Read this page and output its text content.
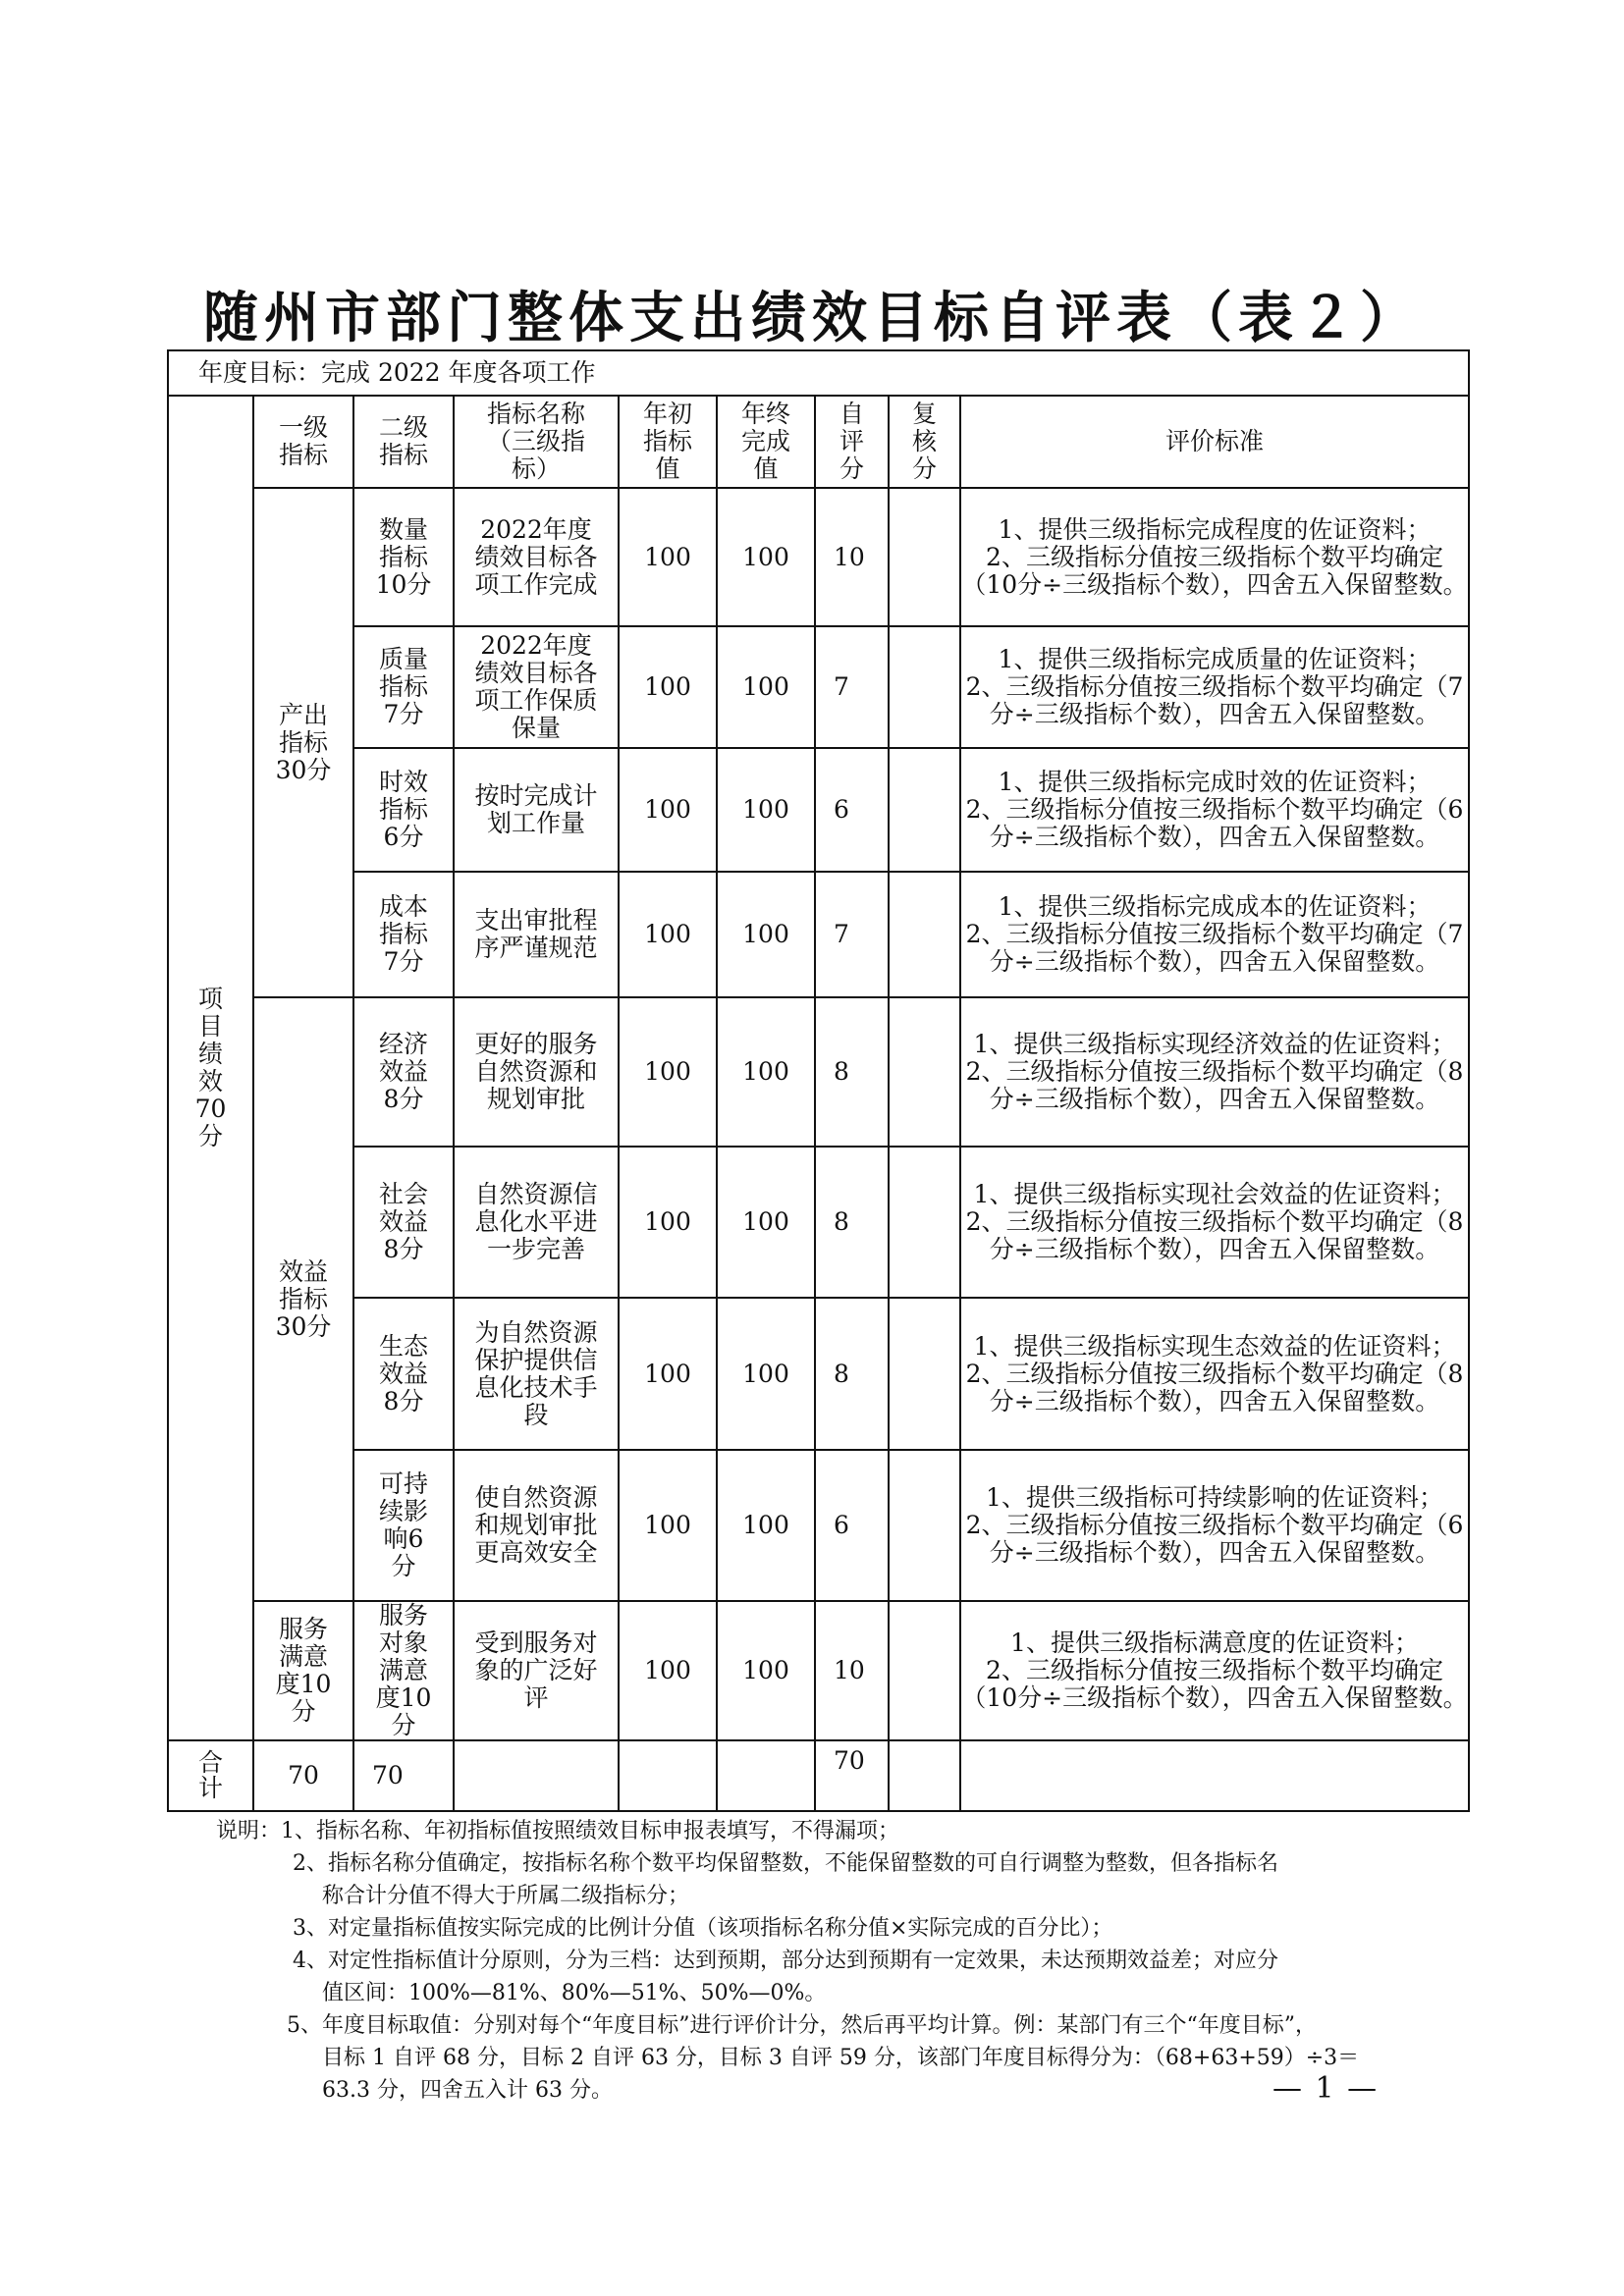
随州市部门整体支出绩效目标自评表（表２）
年度目标：完成 2022 年度各项工作								

项目绩效70分	一级指标	二级指标	指标名称（三级指标）	年初指标值	年终完成值	自评分	复核分	评价标准

	产出指标30分	数量指标10分	2022年度绩效目标各项工作完成	100	100	10		1、提供三级指标完成程度的佐证资料；
2、三级指标分值按三级指标个数平均确定（10分÷三级指标个数），四舍五入保留整数。

		质量指标7分	2022年度绩效目标各项工作保质保量	100	100	7		1、提供三级指标完成质量的佐证资料；
2、三级指标分值按三级指标个数平均确定（7分÷三级指标个数），四舍五入保留整数。

		时效指标6分	按时完成计划工作量	100	100	6		1、提供三级指标完成时效的佐证资料；
2、三级指标分值按三级指标个数平均确定（6分÷三级指标个数），四舍五入保留整数。

		成本指标7分	支出审批程序严谨规范	100	100	7		1、提供三级指标完成成本的佐证资料；
2、三级指标分值按三级指标个数平均确定（7分÷三级指标个数），四舍五入保留整数。

	效益指标30分	经济效益8分	更好的服务自然资源和规划审批	100	100	8		1、提供三级指标实现经济效益的佐证资料；
2、三级指标分值按三级指标个数平均确定（8分÷三级指标个数），四舍五入保留整数。

		社会效益8分	自然资源信息化水平进一步完善	100	100	8		1、提供三级指标实现社会效益的佐证资料；
2、三级指标分值按三级指标个数平均确定（8分÷三级指标个数），四舍五入保留整数。

		生态效益8分	为自然资源保护提供信息化技术手段	100	100	8		1、提供三级指标实现生态效益的佐证资料；
2、三级指标分值按三级指标个数平均确定（8分÷三级指标个数），四舍五入保留整数。

		可持续影响6分	使自然资源和规划审批更高效安全	100	100	6		1、提供三级指标可持续影响的佐证资料；
2、三级指标分值按三级指标个数平均确定（6分÷三级指标个数），四舍五入保留整数。

	服务满意度10分	服务对象满意度10分	受到服务对象的广泛好评	100	100	10		1、提供三级指标满意度的佐证资料；
2、三级指标分值按三级指标个数平均确定（10分÷三级指标个数），四舍五入保留整数。

合计	70	70				70		
说明：1、指标名称、年初指标值按照绩效目标申报表填写，不得漏项；
2、指标名称分值确定，按指标名称个数平均保留整数，不能保留整数的可自行调整为整数，但各指标名
称合计分值不得大于所属二级指标分；
3、对定量指标值按实际完成的比例计分值（该项指标名称分值×实际完成的百分比）；
4、对定性指标值计分原则，分为三档：达到预期，部分达到预期有一定效果，未达预期效益差；对应分
值区间：100%—81%、80%—51%、50%—0%。
5、年度目标取值：分别对每个“年度目标”进行评价计分，然后再平均计算。例：某部门有三个“年度目标”，
目标 1 自评 68 分，目标 2 自评 63 分，目标 3 自评 59 分，该部门年度目标得分为：（68+63+59）÷3＝
63.3 分，四舍五入计 63 分。	— 1 —
